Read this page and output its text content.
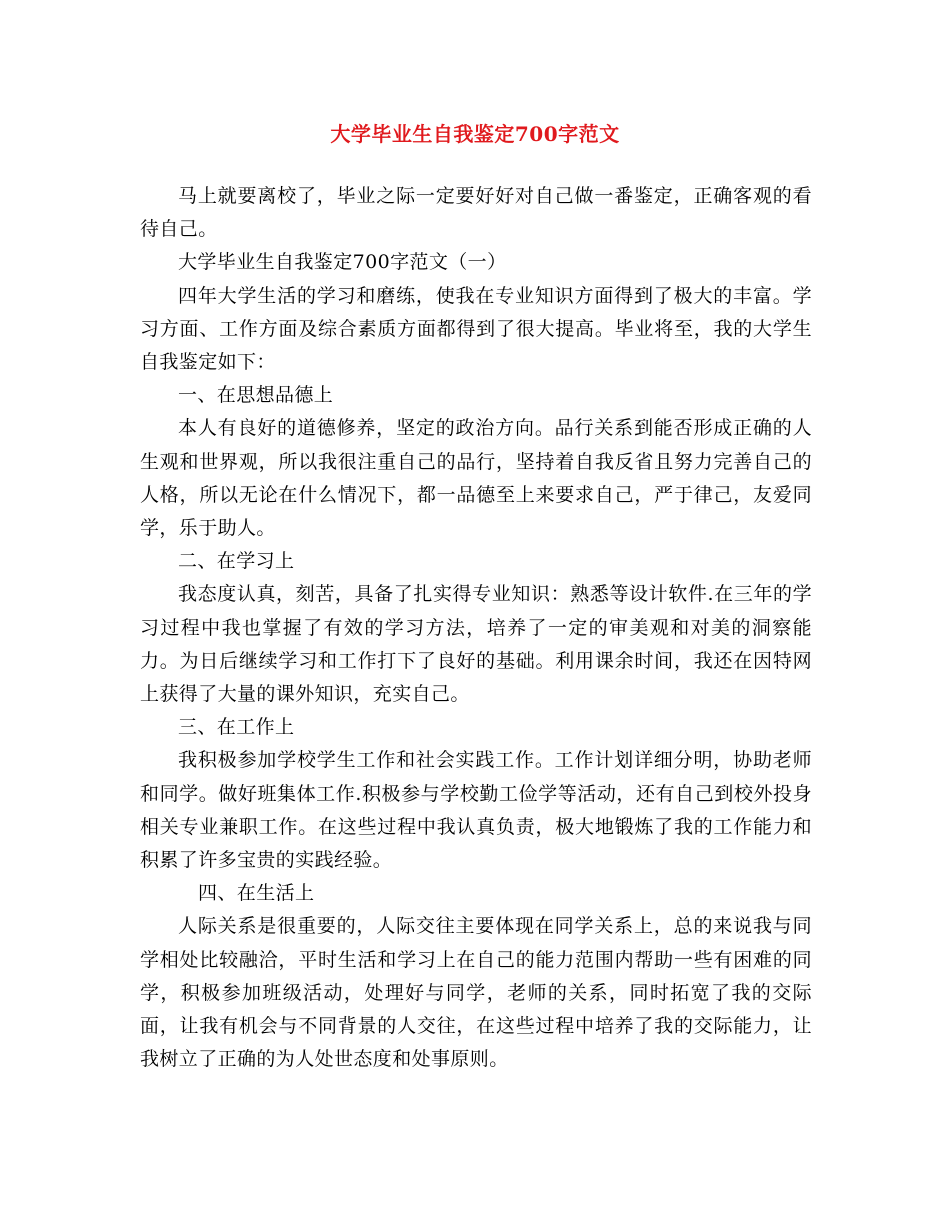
大学毕业生自我鉴定700字范文

马上就要离校了，毕业之际一定要好好对自己做一番鉴定，正确客观的看待自己。

大学毕业生自我鉴定700字范文（一）

四年大学生活的学习和磨练，使我在专业知识方面得到了极大的丰富。学习方面、工作方面及综合素质方面都得到了很大提高。毕业将至，我的大学生自我鉴定如下：

一、在思想品德上

本人有良好的道德修养，坚定的政治方向。品行关系到能否形成正确的人生观和世界观，所以我很注重自己的品行，坚持着自我反省且努力完善自己的人格，所以无论在什么情况下，都一品德至上来要求自己，严于律己，友爱同学，乐于助人。

二、在学习上

我态度认真，刻苦，具备了扎实得专业知识：熟悉等设计软件.在三年的学习过程中我也掌握了有效的学习方法，培养了一定的审美观和对美的洞察能力。为日后继续学习和工作打下了良好的基础。利用课余时间，我还在因特网上获得了大量的课外知识，充实自己。

三、在工作上

我积极参加学校学生工作和社会实践工作。工作计划详细分明，协助老师和同学。做好班集体工作.积极参与学校勤工俭学等活动，还有自己到校外投身相关专业兼职工作。在这些过程中我认真负责，极大地锻炼了我的工作能力和积累了许多宝贵的实践经验。

四、在生活上

人际关系是很重要的，人际交往主要体现在同学关系上，总的来说我与同学相处比较融洽，平时生活和学习上在自己的能力范围内帮助一些有困难的同学，积极参加班级活动，处理好与同学，老师的关系，同时拓宽了我的交际面，让我有机会与不同背景的人交往，在这些过程中培养了我的交际能力，让我树立了正确的为人处世态度和处事原则。
